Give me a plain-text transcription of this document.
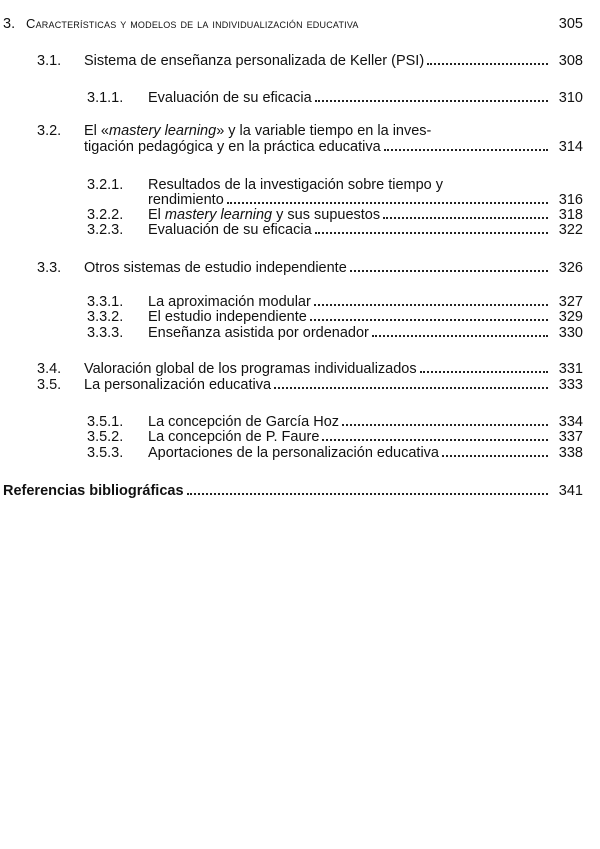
3. Características y modelos de la individualización educativa	305
3.1.	Sistema de enseñanza personalizada de Keller (PSI)	308
3.1.1.	Evaluación de su eficacia	310
3.2.	El «mastery learning» y la variable tiempo en la inves-
tigación pedagógica y en la práctica educativa	314
3.2.1.	Resultados de la investigación sobre tiempo y
rendimiento	316
3.2.2.	El mastery learning y sus supuestos	318
3.2.3.	Evaluación de su eficacia	322
3.3.	Otros sistemas de estudio independiente	326
3.3.1.	La aproximación modular	327
3.3.2.	El estudio independiente	329
3.3.3.	Enseñanza asistida por ordenador	330
3.4.	Valoración global de los programas individualizados	331
3.5.	La personalización educativa	333
3.5.1.	La concepción de García Hoz	334
3.5.2.	La concepción de P. Faure	337
3.5.3.	Aportaciones de la personalización educativa	338
Referencias bibliográficas	341
